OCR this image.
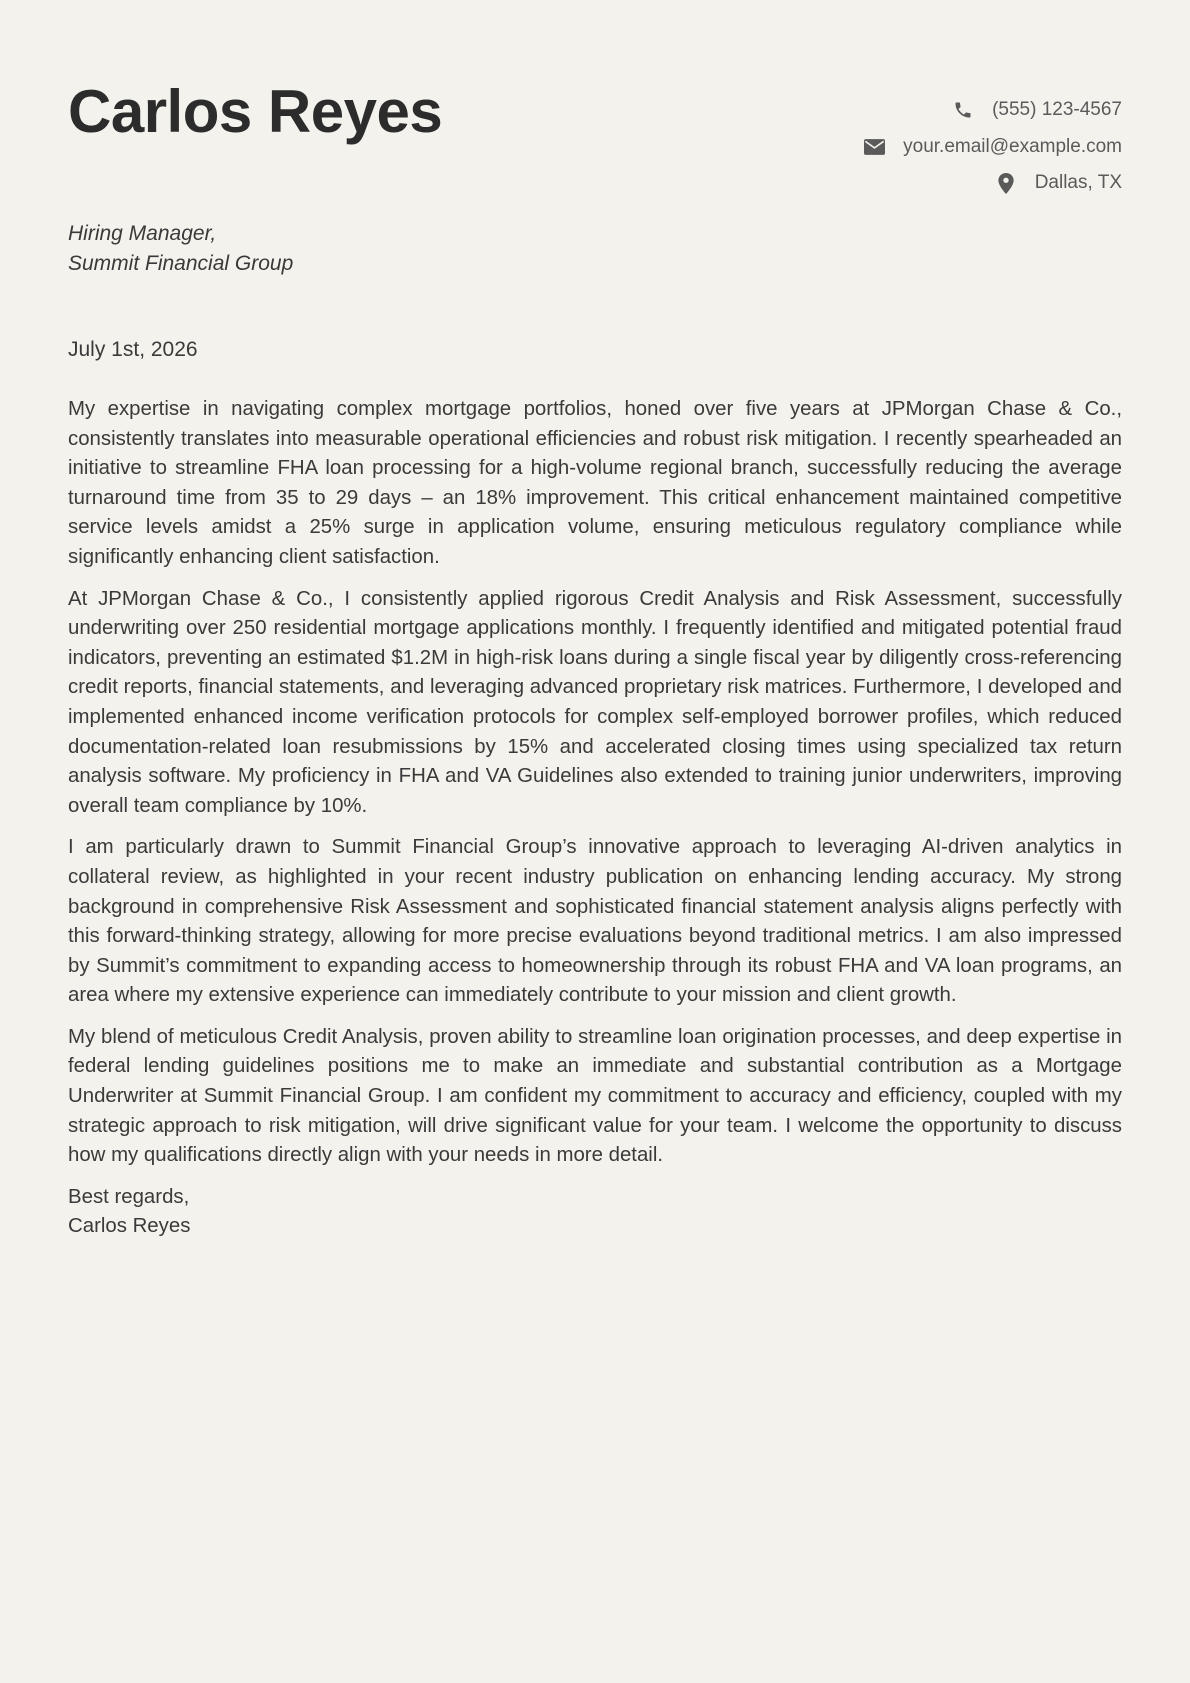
Carlos Reyes	(555) 123-4567
your.email@example.com
Dallas, TX
Hiring Manager,
Summit Financial Group
July 1st, 2026

My expertise in navigating complex mortgage portfolios, honed over five years at JPMorgan Chase & Co., consistently translates into measurable operational efficiencies and robust risk mitigation. I recently spearheaded an initiative to streamline FHA loan processing for a high-volume regional branch, successfully reducing the average turnaround time from 35 to 29 days – an 18% improvement. This critical enhancement maintained competitive service levels amidst a 25% surge in application volume, ensuring meticulous regulatory compliance while significantly enhancing client satisfaction.

At JPMorgan Chase & Co., I consistently applied rigorous Credit Analysis and Risk Assessment, successfully underwriting over 250 residential mortgage applications monthly. I frequently identified and mitigated potential fraud indicators, preventing an estimated $1.2M in high-risk loans during a single fiscal year by diligently cross-referencing credit reports, financial statements, and leveraging advanced proprietary risk matrices. Furthermore, I developed and implemented enhanced income verification protocols for complex self-employed borrower profiles, which reduced documentation-related loan resubmissions by 15% and accelerated closing times using specialized tax return analysis software. My proficiency in FHA and VA Guidelines also extended to training junior underwriters, improving overall team compliance by 10%.

I am particularly drawn to Summit Financial Group’s innovative approach to leveraging AI-driven analytics in collateral review, as highlighted in your recent industry publication on enhancing lending accuracy. My strong background in comprehensive Risk Assessment and sophisticated financial statement analysis aligns perfectly with this forward-thinking strategy, allowing for more precise evaluations beyond traditional metrics. I am also impressed by Summit’s commitment to expanding access to homeownership through its robust FHA and VA loan programs, an area where my extensive experience can immediately contribute to your mission and client growth.

My blend of meticulous Credit Analysis, proven ability to streamline loan origination processes, and deep expertise in federal lending guidelines positions me to make an immediate and substantial contribution as a Mortgage Underwriter at Summit Financial Group. I am confident my commitment to accuracy and efficiency, coupled with my strategic approach to risk mitigation, will drive significant value for your team. I welcome the opportunity to discuss how my qualifications directly align with your needs in more detail.

Best regards,
Carlos Reyes
